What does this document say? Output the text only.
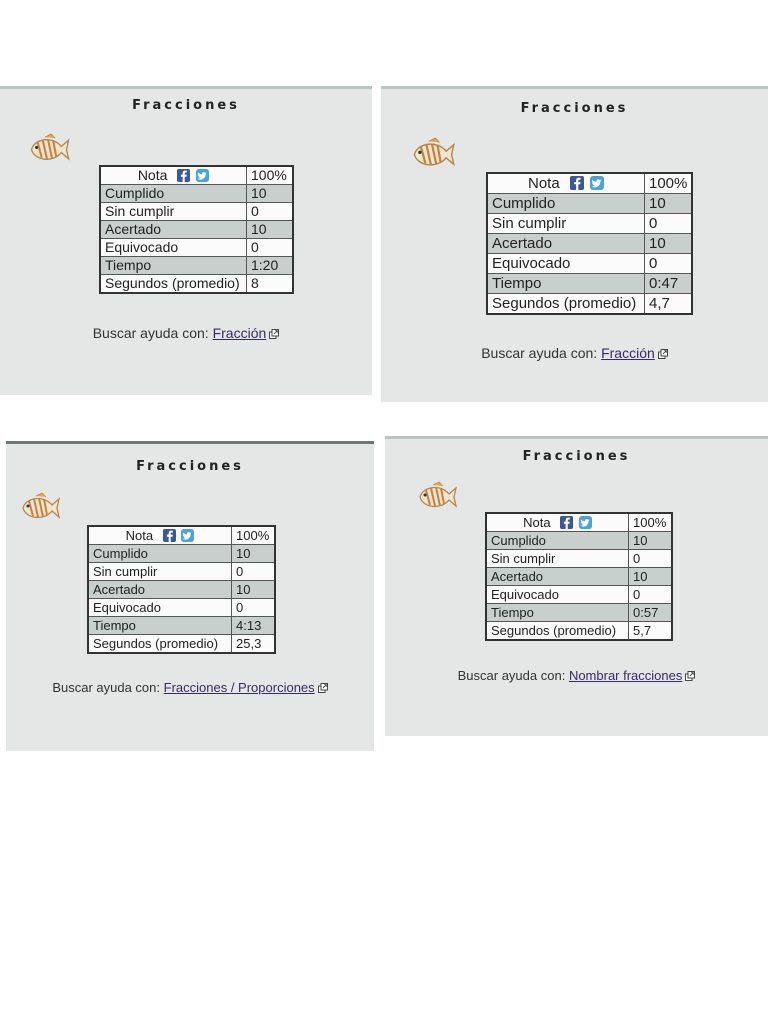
Fracciones
Nota	100%
Cumplido	10
Sin cumplir	0
Acertado	10
Equivocado	0
Tiempo	1:20
Segundos (promedio)	8
Buscar ayuda con: Fracción
Fracciones
Nota	100%
Cumplido	10
Sin cumplir	0
Acertado	10
Equivocado	0
Tiempo	0:47
Segundos (promedio)	4,7
Buscar ayuda con: Fracción
Fracciones
Nota	100%
Cumplido	10
Sin cumplir	0
Acertado	10
Equivocado	0
Tiempo	4:13
Segundos (promedio)	25,3
Buscar ayuda con: Fracciones / Proporciones
Fracciones
Nota	100%
Cumplido	10
Sin cumplir	0
Acertado	10
Equivocado	0
Tiempo	0:57
Segundos (promedio)	5,7
Buscar ayuda con: Nombrar fracciones
